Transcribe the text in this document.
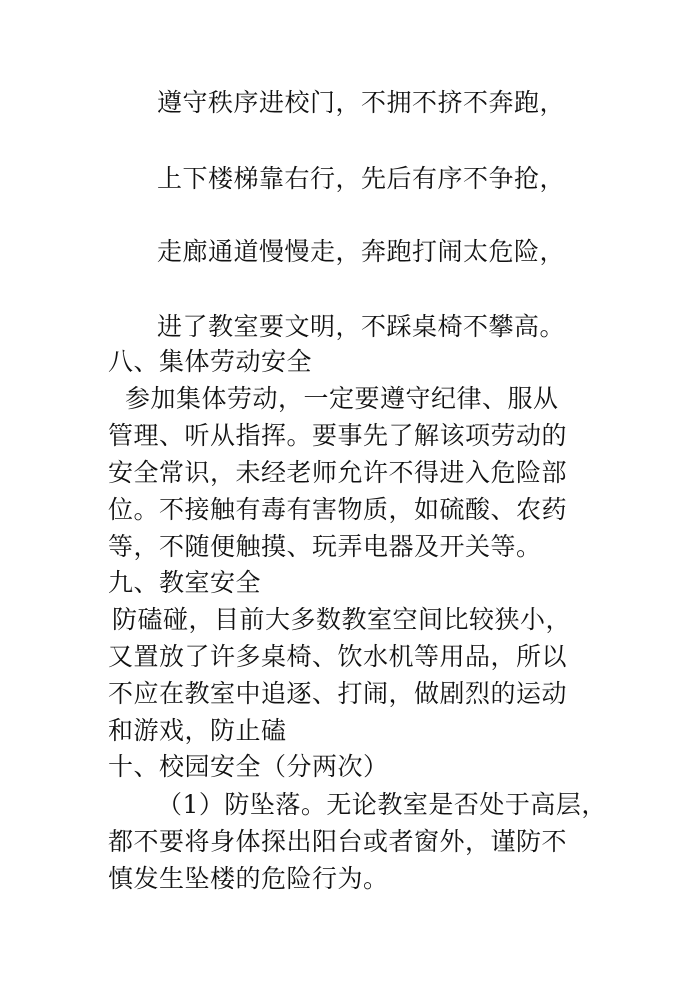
遵守秩序进校门，不拥不挤不奔跑，
上下楼梯靠右行，先后有序不争抢，
走廊通道慢慢走，奔跑打闹太危险，
进了教室要文明，不踩桌椅不攀高。
八、集体劳动安全
参加集体劳动，一定要遵守纪律、服从
管理、听从指挥。要事先了解该项劳动的
安全常识，未经老师允许不得进入危险部
位。不接触有毒有害物质，如硫酸、农药
等，不随便触摸、玩弄电器及开关等。
九、教室安全
防磕碰，目前大多数教室空间比较狭小，
又置放了许多桌椅、饮水机等用品，所以
不应在教室中追逐、打闹，做剧烈的运动
和游戏，防止磕
十、校园安全（分两次）
（1）防坠落。无论教室是否处于高层，
都不要将身体探出阳台或者窗外，谨防不
慎发生坠楼的危险行为。
